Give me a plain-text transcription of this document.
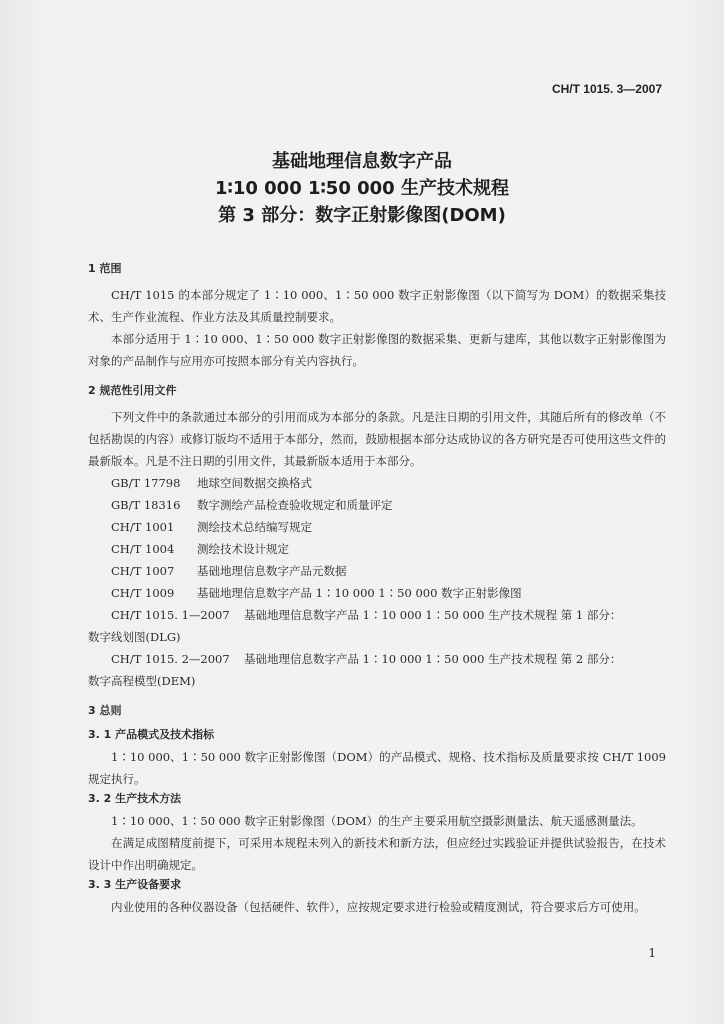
CH/T 1015. 3—2007
基础地理信息数字产品
1∶10 000 1∶50 000 生产技术规程
第 3 部分：数字正射影像图(DOM)
1 范围

CH/T 1015 的本部分规定了 1∶10 000、1∶50 000 数字正射影像图（以下简写为 DOM）的数据采集技术、生产作业流程、作业方法及其质量控制要求。

本部分适用于 1∶10 000、1∶50 000 数字正射影像图的数据采集、更新与建库，其他以数字正射影像图为对象的产品制作与应用亦可按照本部分有关内容执行。

2 规范性引用文件

下列文件中的条款通过本部分的引用而成为本部分的条款。凡是注日期的引用文件，其随后所有的修改单（不包括勘误的内容）或修订版均不适用于本部分，然而，鼓励根据本部分达成协议的各方研究是否可使用这些文件的最新版本。凡是不注日期的引用文件，其最新版本适用于本部分。

GB/T 17798	地球空间数据交换格式
GB/T 18316	数字测绘产品检查验收规定和质量评定
CH/T 1001	测绘技术总结编写规定
CH/T 1004	测绘技术设计规定
CH/T 1007	基础地理信息数字产品元数据
CH/T 1009	基础地理信息数字产品 1∶10 000 1∶50 000 数字正射影像图
CH/T 1015. 1—2007 基础地理信息数字产品 1∶10 000 1∶50 000 生产技术规程 第 1 部分：
数字线划图(DLG)
CH/T 1015. 2—2007 基础地理信息数字产品 1∶10 000 1∶50 000 生产技术规程 第 2 部分：
数字高程模型(DEM)
3 总则
3. 1 产品模式及技术指标

1∶10 000、1∶50 000 数字正射影像图（DOM）的产品模式、规格、技术指标及质量要求按 CH/T 1009 规定执行。

3. 2 生产技术方法

1∶10 000、1∶50 000 数字正射影像图（DOM）的生产主要采用航空摄影测量法、航天遥感测量法。

在满足成图精度前提下，可采用本规程未列入的新技术和新方法，但应经过实践验证并提供试验报告，在技术设计中作出明确规定。

3. 3 生产设备要求

内业使用的各种仪器设备（包括硬件、软件），应按规定要求进行检验或精度测试，符合要求后方可使用。

1
